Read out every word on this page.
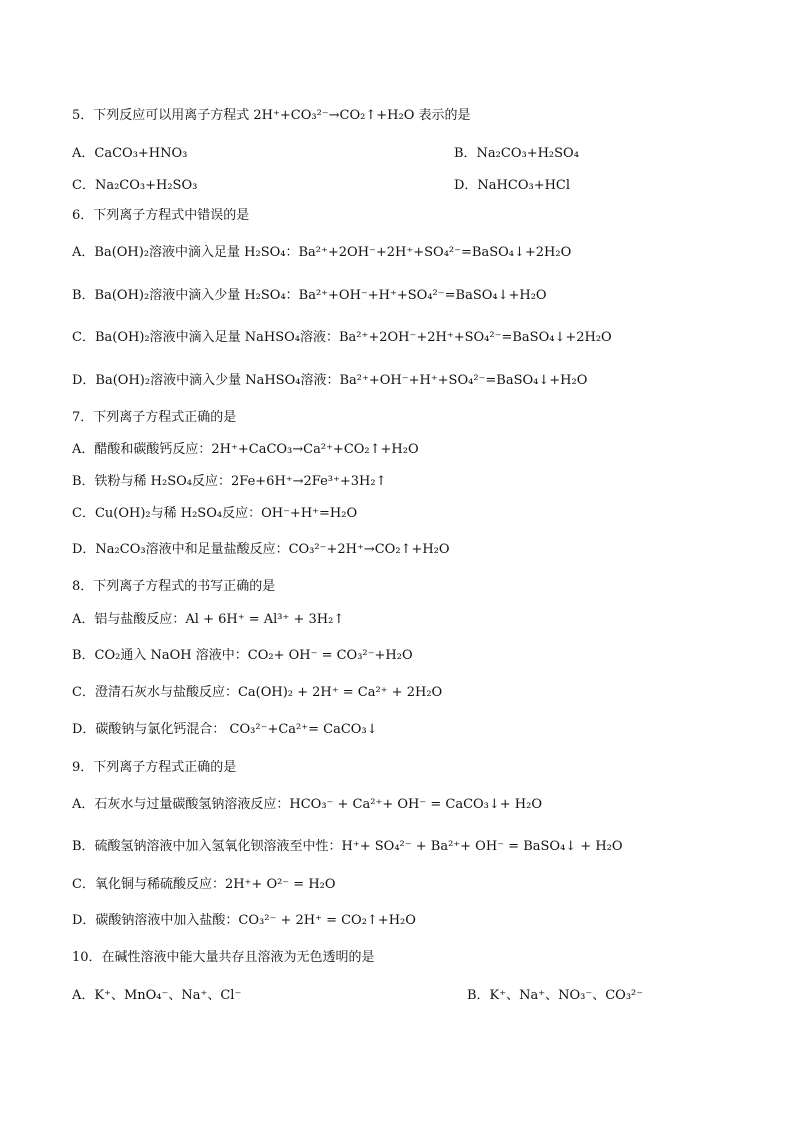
5．下列反应可以用离子方程式 2H⁺+CO₃²⁻→CO₂↑+H₂O 表示的是
A．CaCO₃+HNO₃	B．Na₂CO₃+H₂SO₄
C．Na₂CO₃+H₂SO₃	D．NaHCO₃+HCl
6．下列离子方程式中错误的是
A．Ba(OH)₂溶液中滴入足量 H₂SO₄：Ba²⁺+2OH⁻+2H⁺+SO₄²⁻=BaSO₄↓+2H₂O
B．Ba(OH)₂溶液中滴入少量 H₂SO₄：Ba²⁺+OH⁻+H⁺+SO₄²⁻=BaSO₄↓+H₂O
C．Ba(OH)₂溶液中滴入足量 NaHSO₄溶液：Ba²⁺+2OH⁻+2H⁺+SO₄²⁻=BaSO₄↓+2H₂O
D．Ba(OH)₂溶液中滴入少量 NaHSO₄溶液：Ba²⁺+OH⁻+H⁺+SO₄²⁻=BaSO₄↓+H₂O
7．下列离子方程式正确的是
A．醋酸和碳酸钙反应：2H⁺+CaCO₃→Ca²⁺+CO₂↑+H₂O
B．铁粉与稀 H₂SO₄反应：2Fe+6H⁺→2Fe³⁺+3H₂↑
C．Cu(OH)₂与稀 H₂SO₄反应：OH⁻+H⁺=H₂O
D．Na₂CO₃溶液中和足量盐酸反应：CO₃²⁻+2H⁺→CO₂↑+H₂O
8．下列离子方程式的书写正确的是
A．铝与盐酸反应：Al + 6H⁺ = Al³⁺ + 3H₂↑
B．CO₂通入 NaOH 溶液中：CO₂+ OH⁻ = CO₃²⁻+H₂O
C．澄清石灰水与盐酸反应：Ca(OH)₂ + 2H⁺ = Ca²⁺ + 2H₂O
D．碳酸钠与氯化钙混合： CO₃²⁻+Ca²⁺= CaCO₃↓
9．下列离子方程式正确的是
A．石灰水与过量碳酸氢钠溶液反应：HCO₃⁻ + Ca²⁺+ OH⁻ = CaCO₃↓+ H₂O
B．硫酸氢钠溶液中加入氢氧化钡溶液至中性：H⁺+ SO₄²⁻ + Ba²⁺+ OH⁻ = BaSO₄↓ + H₂O
C．氧化铜与稀硫酸反应：2H⁺+ O²⁻ = H₂O
D．碳酸钠溶液中加入盐酸：CO₃²⁻ + 2H⁺ = CO₂↑+H₂O
10．在碱性溶液中能大量共存且溶液为无色透明的是
A．K⁺、MnO₄⁻、Na⁺、Cl⁻	B．K⁺、Na⁺、NO₃⁻、CO₃²⁻
